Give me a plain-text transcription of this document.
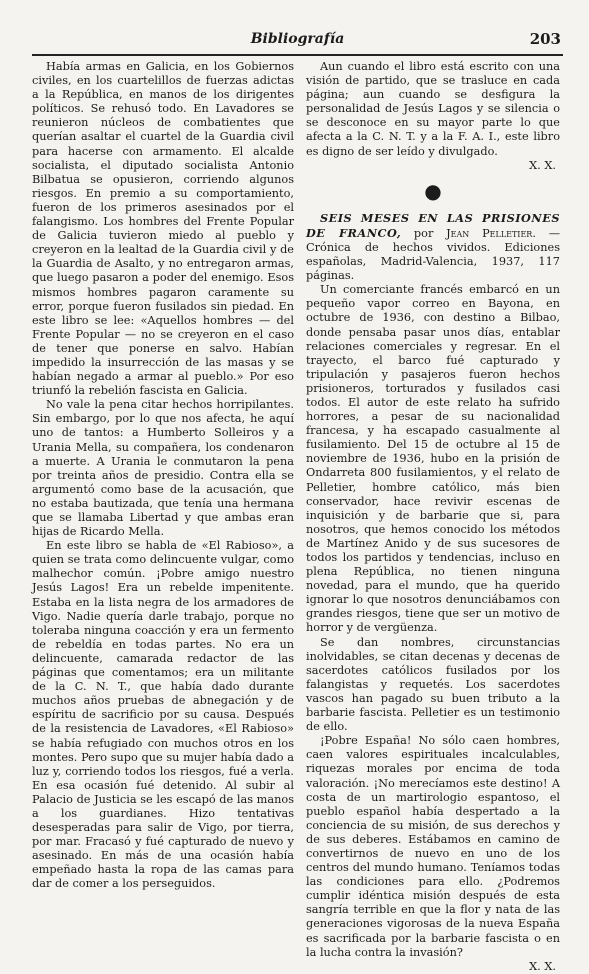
Bibliografía	203

Había armas en Galicia, en los Gobiernos civiles, en los cuartelillos de fuerzas adictas a la República, en manos de los dirigentes políticos. Se rehusó todo. En Lavadores se reunieron núcleos de combatientes que querían asaltar el cuartel de la Guardia civil para hacerse con armamento. El alcalde socialista, el diputado socialista Antonio Bilbatua se opusieron, corriendo algunos riesgos. En premio a su comportamiento, fueron de los primeros asesinados por el falangismo. Los hombres del Frente Popular de Galicia tuvieron miedo al pueblo y creyeron en la lealtad de la Guardia civil y de la Guardia de Asalto, y no entregaron armas, que luego pasaron a poder del enemigo. Esos mismos hombres pagaron caramente su error, porque fueron fusilados sin piedad. En este libro se lee: «Aquellos hombres — del Frente Popular — no se creyeron en el caso de tener que ponerse en salvo. Habían impedido la insurrección de las masas y se habían negado a armar al pueblo.» Por eso triunfó la rebelión fascista en Galicia.

No vale la pena citar hechos horripilantes. Sin embargo, por lo que nos afecta, he aquí uno de tantos: a Humberto Solleiros y a Urania Mella, su compañera, los condenaron a muerte. A Urania le conmutaron la pena por treinta años de presidio. Contra ella se argumentó como base de la acusación, que no estaba bautizada, que tenía una hermana que se llamaba Libertad y que ambas eran hijas de Ricardo Mella.

En este libro se habla de «El Rabioso», a quien se trata como delincuente vulgar, como malhechor común. ¡Pobre amigo nuestro Jesús Lagos! Era un rebelde impenitente. Estaba en la lista negra de los armadores de Vigo. Nadie quería darle trabajo, porque no toleraba ninguna coacción y era un fermento de rebeldía en todas partes. No era un delincuente, camarada redactor de las páginas que comentamos; era un militante de la C. N. T., que había dado durante muchos años pruebas de abnegación y de espíritu de sacrificio por su causa. Después de la resistencia de Lavadores, «El Rabioso» se había refugiado con muchos otros en los montes. Pero supo que su mujer había dado a luz y, corriendo todos los riesgos, fué a verla. En esa ocasión fué detenido. Al subir al Palacio de Justicia se les escapó de las manos a los guardianes. Hizo tentativas desesperadas para salir de Vigo, por tierra, por mar. Fracasó y fué capturado de nuevo y asesinado. En más de una ocasión había empeñado hasta la ropa de las camas para dar de comer a los perseguidos.

Aun cuando el libro está escrito con una visión de partido, que se trasluce en cada página; aun cuando se desfigura la personalidad de Jesús Lagos y se silencia o se desconoce en su mayor parte lo que afecta a la C. N. T. y a la F. A. I., este libro es digno de ser leído y divulgado.

X. X.
●

SEIS MESES EN LAS PRISIONES DE FRANCO, por Jean Pelletier. — Crónica de hechos vividos. Ediciones españolas, Madrid-Valencia, 1937, 117 páginas.

Un comerciante francés embarcó en un pequeño vapor correo en Bayona, en octubre de 1936, con destino a Bilbao, donde pensaba pasar unos días, entablar relaciones comerciales y regresar. En el trayecto, el barco fué capturado y tripulación y pasajeros fueron hechos prisioneros, torturados y fusilados casi todos. El autor de este relato ha sufrido horrores, a pesar de su nacionalidad francesa, y ha escapado casualmente al fusilamiento. Del 15 de octubre al 15 de noviembre de 1936, hubo en la prisión de Ondarreta 800 fusilamientos, y el relato de Pelletier, hombre católico, más bien conservador, hace revivir escenas de inquisición y de barbarie que si, para nosotros, que hemos conocido los métodos de Martínez Anido y de sus sucesores de todos los partidos y tendencias, incluso en plena República, no tienen ninguna novedad, para el mundo, que ha querido ignorar lo que nosotros denunciábamos con grandes riesgos, tiene que ser un motivo de horror y de vergüenza.

Se dan nombres, circunstancias inolvidables, se citan decenas y decenas de sacerdotes católicos fusilados por los falangistas y requetés. Los sacerdotes vascos han pagado su buen tributo a la barbarie fascista. Pelletier es un testimonio de ello.

¡Pobre España! No sólo caen hombres, caen valores espirituales incalculables, riquezas morales por encima de toda valoración. ¡No merecíamos este destino! A costa de un martirologio espantoso, el pueblo español había despertado a la conciencia de su misión, de sus derechos y de sus deberes. Estábamos en camino de convertirnos de nuevo en uno de los centros del mundo humano. Teníamos todas las condiciones para ello. ¿Podremos cumplir idéntica misión después de esta sangría terrible en que la flor y nata de las generaciones vigorosas de la nueva España es sacrificada por la barbarie fascista o en la lucha contra la invasión?

X. X.
